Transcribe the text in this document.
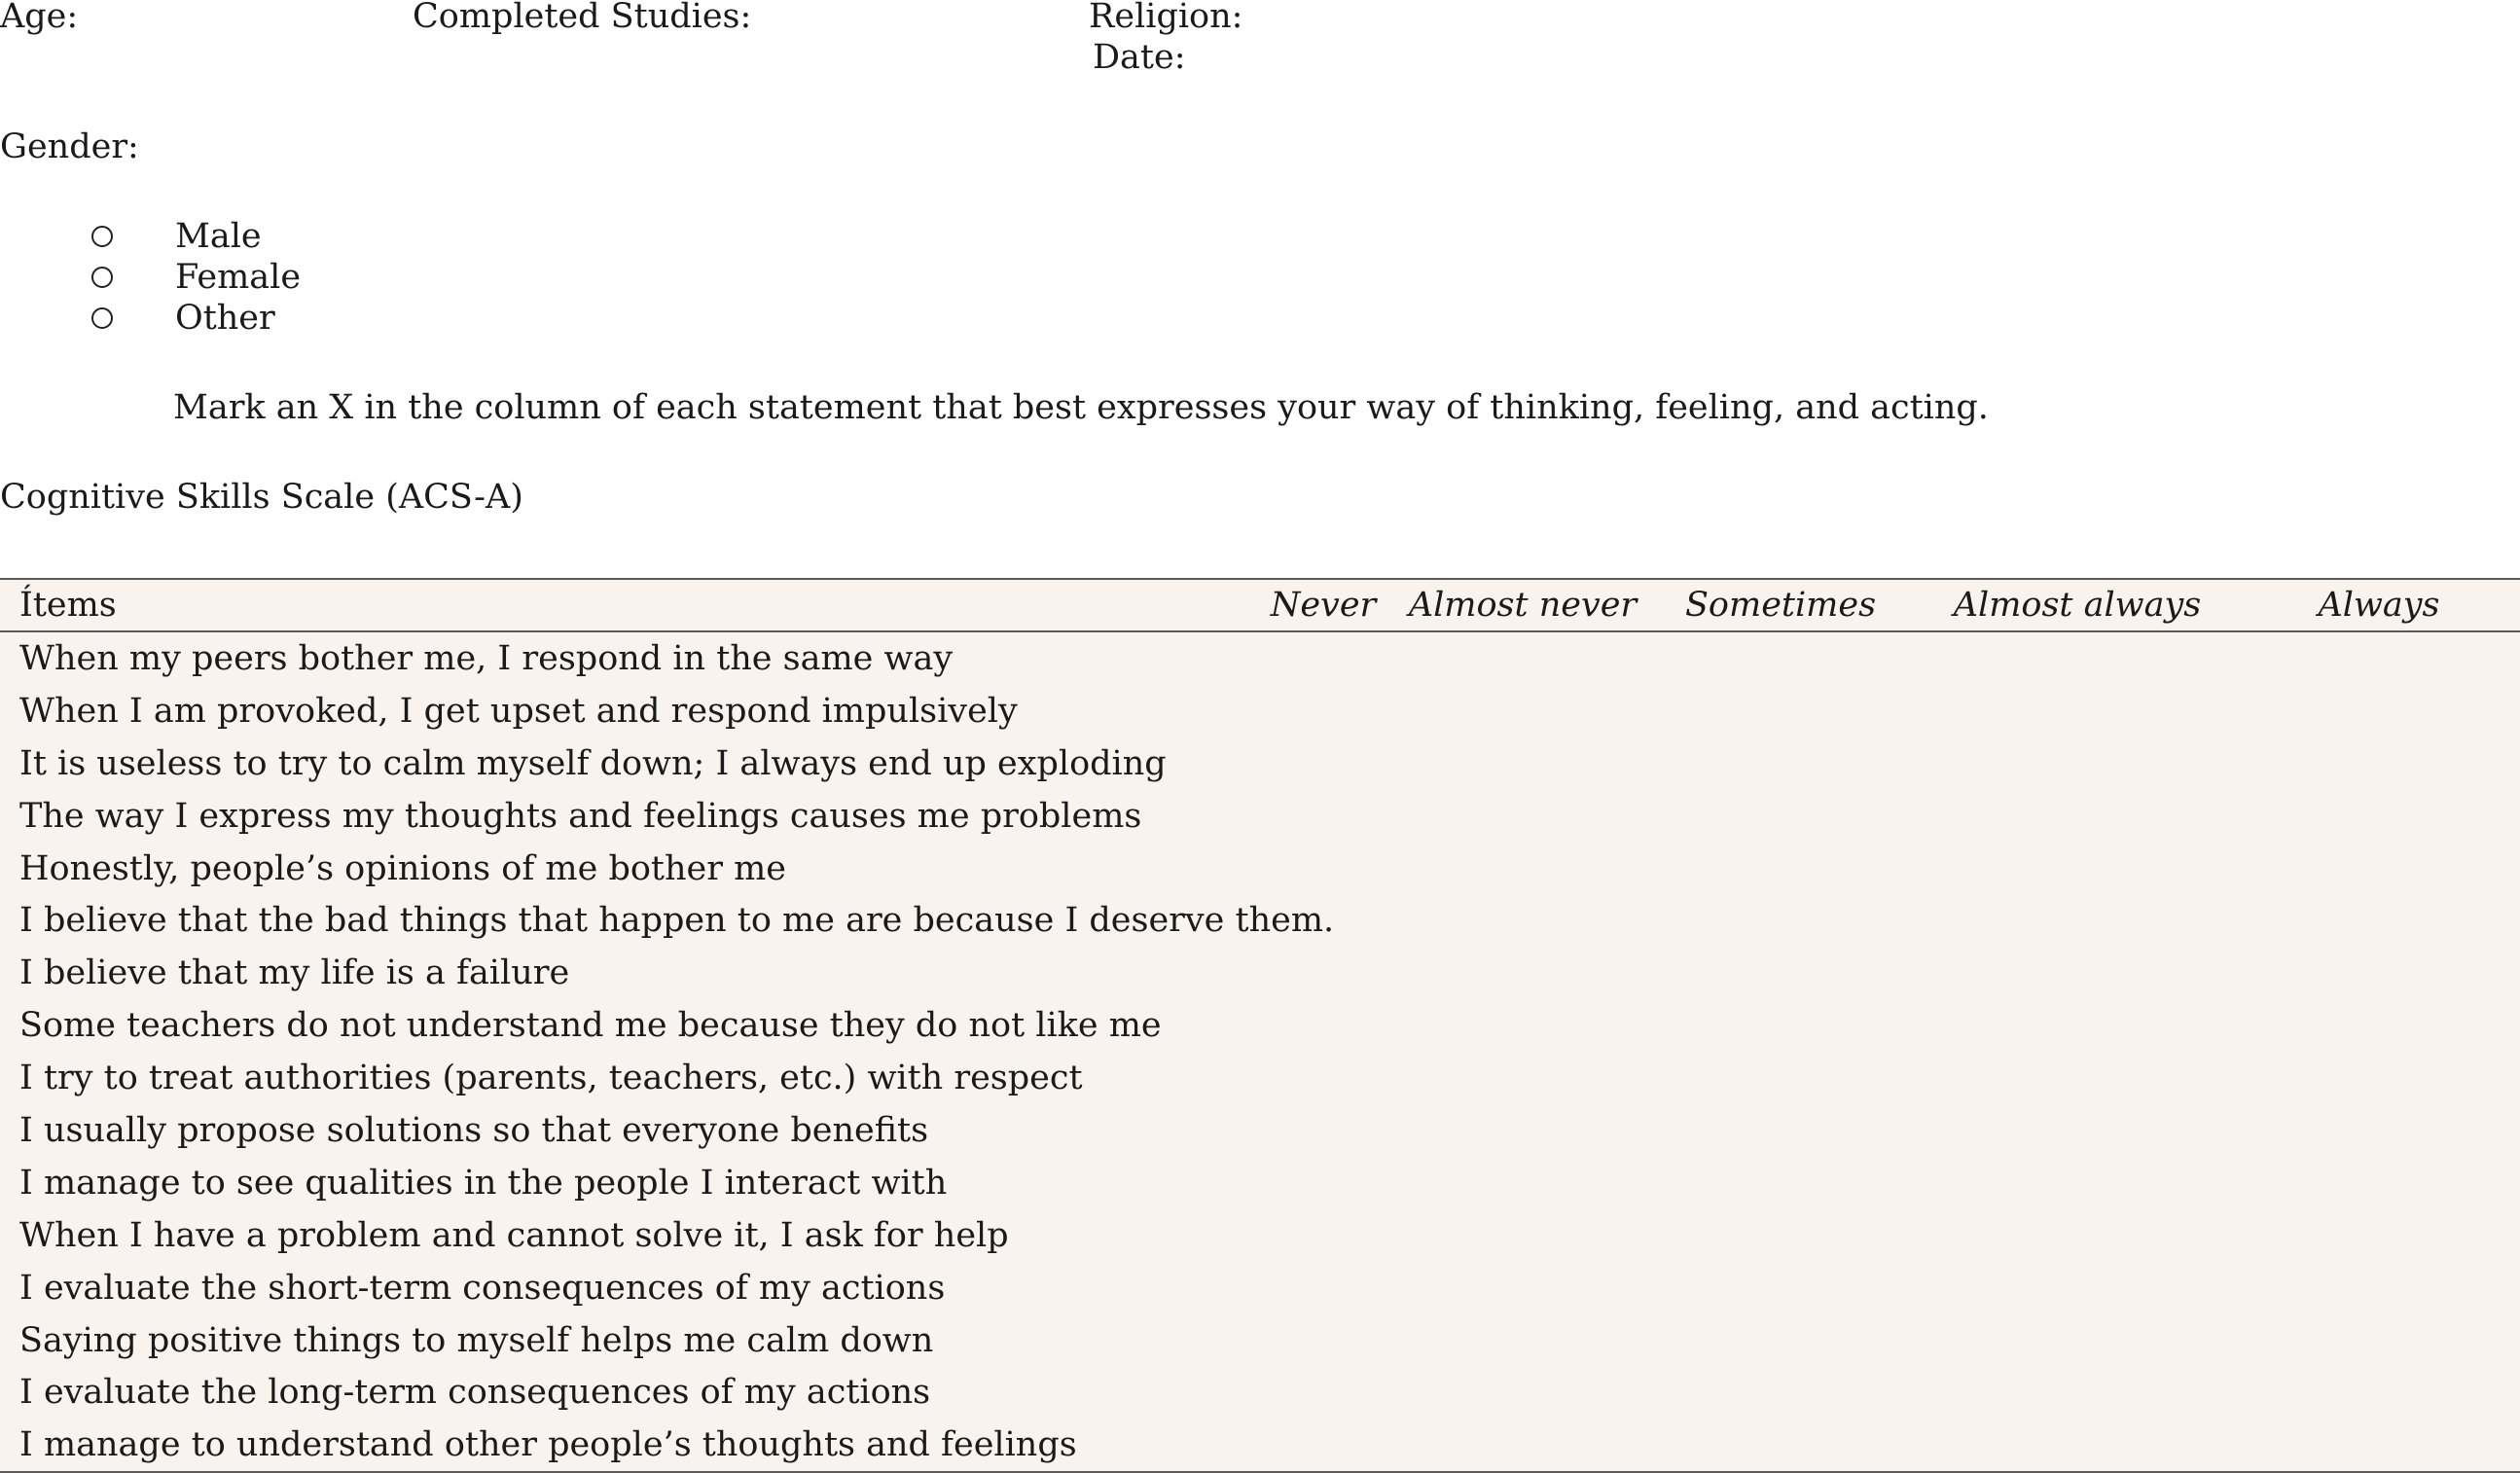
Age:	Completed Studies:	Religion:
Date:
Gender:
Male
Female
Other
Mark an X in the column of each statement that best expresses your way of thinking, feeling, and acting.
Cognitive Skills Scale (ACS-A)
Ítems	Never	Almost never	Sometimes	Almost always	Always
When my peers bother me, I respond in the same way					
When I am provoked, I get upset and respond impulsively					
It is useless to try to calm myself down; I always end up exploding					
The way I express my thoughts and feelings causes me problems					
Honestly, people’s opinions of me bother me					
I believe that the bad things that happen to me are because I deserve them.					
I believe that my life is a failure					
Some teachers do not understand me because they do not like me					
I try to treat authorities (parents, teachers, etc.) with respect					
I usually propose solutions so that everyone benefits					
I manage to see qualities in the people I interact with					
When I have a problem and cannot solve it, I ask for help					
I evaluate the short-term consequences of my actions					
Saying positive things to myself helps me calm down					
I evaluate the long-term consequences of my actions					
I manage to understand other people’s thoughts and feelings					
